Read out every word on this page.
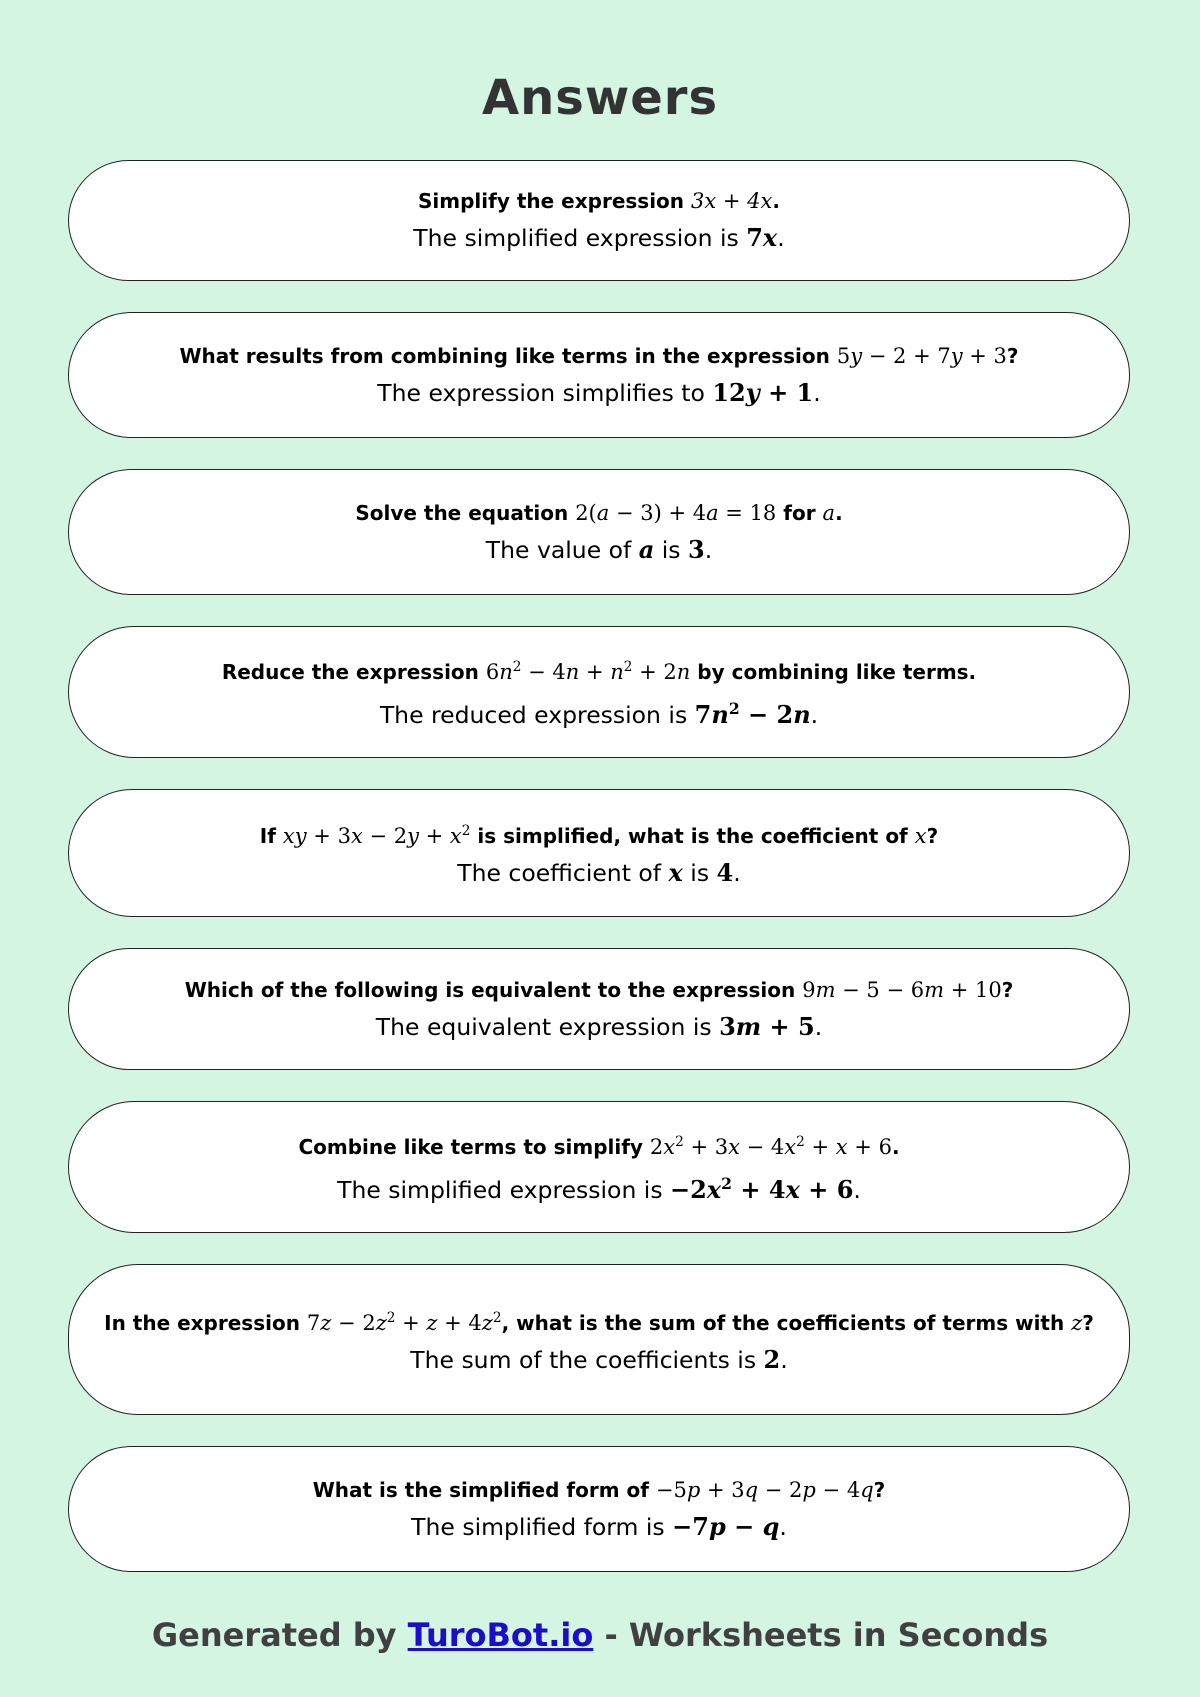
Answers
Simplify the expression 3x + 4x.
The simplified expression is 7x.
What results from combining like terms in the expression 5y − 2 + 7y + 3?
The expression simplifies to 12y + 1.
Solve the equation 2(a − 3) + 4a = 18 for a.
The value of a is 3.
Reduce the expression $6n^2 - 4n + n^2 + 2n$ by combining like terms.
The reduced expression is $7n^2 - 2n$.
If xy + $3x - 2y + x^2$ is simplified, what is the coefficient of x?
The coefficient of x is 4.
Which of the following is equivalent to the expression 9m − 5 − 6m + 10?
The equivalent expression is 3m + 5.
Combine like terms to simplify $2x^2 + 3x - 4x^2 + x + 6$.
The simplified expression is $-2x^2 + 4x + 6$.
In the expression $7z - 2z^2 + z + 4z^2$, what is the sum of the coefficients of terms with z?
The sum of the coefficients is 2.
What is the simplified form of −5p + 3q − 2p − 4q?
The simplified form is −7p − q.
Generated by TuroBot.io - Worksheets in Seconds
